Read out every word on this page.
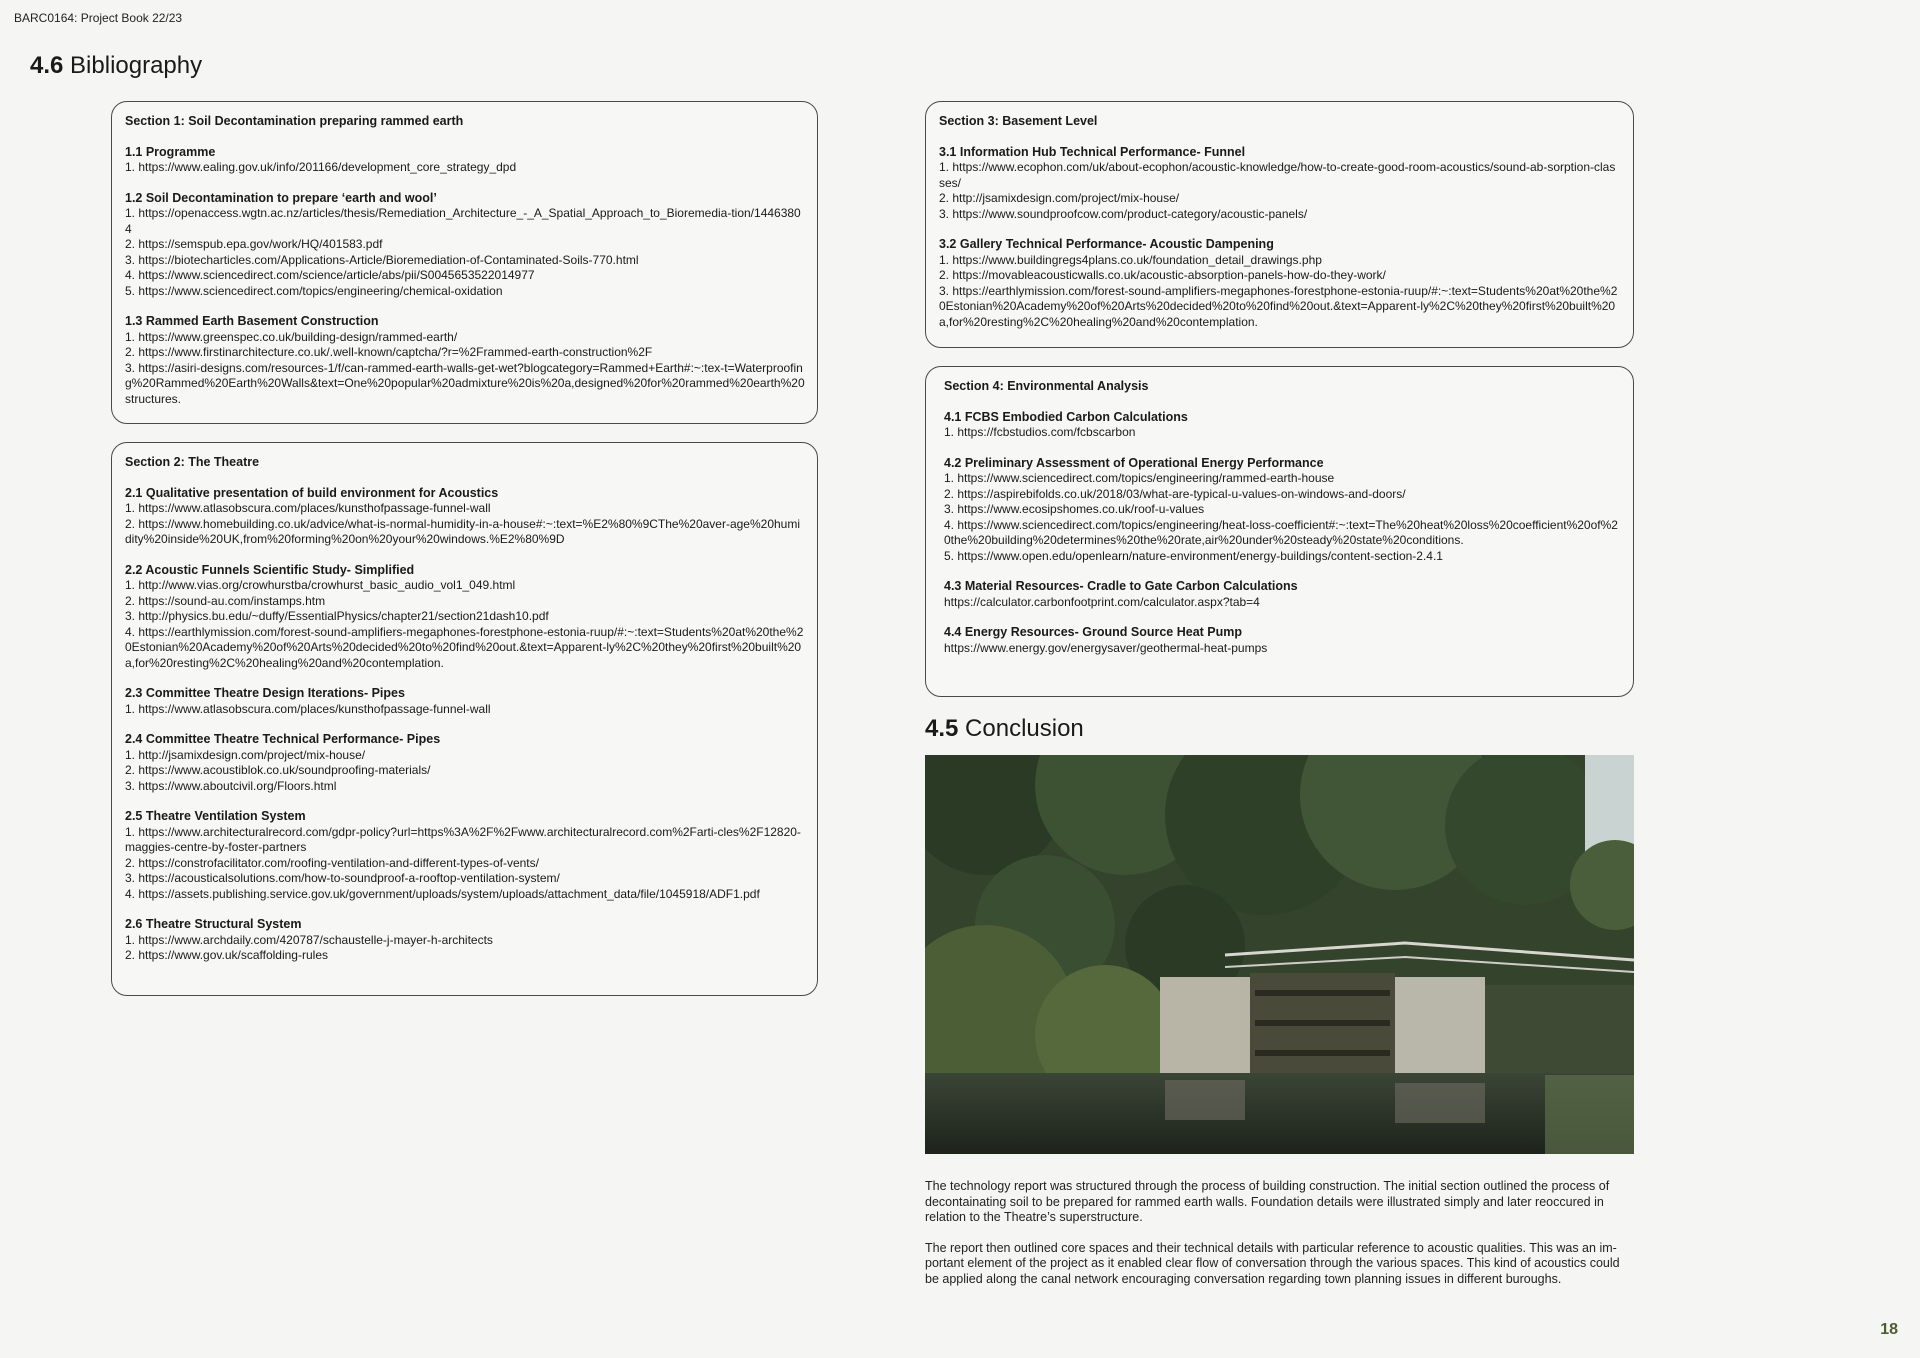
BARC0164: Project Book 22/23
4.6 Bibliography
Section 1: Soil Decontamination preparing rammed earth
1.1 Programme
1. https://www.ealing.gov.uk/info/201166/development_core_strategy_dpd
1.2 Soil Decontamination to prepare ‘earth and wool’
1. https://openaccess.wgtn.ac.nz/articles/thesis/Remediation_Architecture_-_A_Spatial_Approach_to_Bioremedia-tion/14463804
2. https://semspub.epa.gov/work/HQ/401583.pdf
3. https://biotecharticles.com/Applications-Article/Bioremediation-of-Contaminated-Soils-770.html
4. https://www.sciencedirect.com/science/article/abs/pii/S0045653522014977
5. https://www.sciencedirect.com/topics/engineering/chemical-oxidation
1.3 Rammed Earth Basement Construction
1. https://www.greenspec.co.uk/building-design/rammed-earth/
2. https://www.firstinarchitecture.co.uk/.well-known/captcha/?r=%2Frammed-earth-construction%2F
3. https://asiri-designs.com/resources-1/f/can-rammed-earth-walls-get-wet?blogcategory=Rammed+Earth#:~:tex-t=Waterproofing%20Rammed%20Earth%20Walls&text=One%20popular%20admixture%20is%20a,designed%20for%20rammed%20earth%20structures.
Section 2: The Theatre
2.1 Qualitative presentation of build environment for Acoustics
1. https://www.atlasobscura.com/places/kunsthofpassage-funnel-wall
2. https://www.homebuilding.co.uk/advice/what-is-normal-humidity-in-a-house#:~:text=%E2%80%9CThe%20aver-age%20humidity%20inside%20UK,from%20forming%20on%20your%20windows.%E2%80%9D
2.2 Acoustic Funnels Scientific Study- Simplified
1. http://www.vias.org/crowhurstba/crowhurst_basic_audio_vol1_049.html
2. https://sound-au.com/instamps.htm
3. http://physics.bu.edu/~duffy/EssentialPhysics/chapter21/section21dash10.pdf
4. https://earthlymission.com/forest-sound-amplifiers-megaphones-forestphone-estonia-ruup/#:~:text=Students%20at%20the%20Estonian%20Academy%20of%20Arts%20decided%20to%20find%20out.&text=Apparent-ly%2C%20they%20first%20built%20a,for%20resting%2C%20healing%20and%20contemplation.
2.3 Committee Theatre Design Iterations- Pipes
1. https://www.atlasobscura.com/places/kunsthofpassage-funnel-wall
2.4 Committee Theatre Technical Performance- Pipes
1. http://jsamixdesign.com/project/mix-house/
2. https://www.acoustiblok.co.uk/soundproofing-materials/
3. https://www.aboutcivil.org/Floors.html
2.5 Theatre Ventilation System
1. https://www.architecturalrecord.com/gdpr-policy?url=https%3A%2F%2Fwww.architecturalrecord.com%2Farti-cles%2F12820-maggies-centre-by-foster-partners
2. https://constrofacilitator.com/roofing-ventilation-and-different-types-of-vents/
3. https://acousticalsolutions.com/how-to-soundproof-a-rooftop-ventilation-system/
4. https://assets.publishing.service.gov.uk/government/uploads/system/uploads/attachment_data/file/1045918/ADF1.pdf
2.6 Theatre Structural System
1. https://www.archdaily.com/420787/schaustelle-j-mayer-h-architects
2. https://www.gov.uk/scaffolding-rules
Section 3: Basement Level
3.1 Information Hub Technical Performance- Funnel
1. https://www.ecophon.com/uk/about-ecophon/acoustic-knowledge/how-to-create-good-room-acoustics/sound-ab-sorption-classes/
2. http://jsamixdesign.com/project/mix-house/
3. https://www.soundproofcow.com/product-category/acoustic-panels/
3.2 Gallery Technical Performance- Acoustic Dampening
1. https://www.buildingregs4plans.co.uk/foundation_detail_drawings.php
2. https://movableacousticwalls.co.uk/acoustic-absorption-panels-how-do-they-work/
3. https://earthlymission.com/forest-sound-amplifiers-megaphones-forestphone-estonia-ruup/#:~:text=Students%20at%20the%20Estonian%20Academy%20of%20Arts%20decided%20to%20find%20out.&text=Apparent-ly%2C%20they%20first%20built%20a,for%20resting%2C%20healing%20and%20contemplation.
Section 4: Environmental Analysis
4.1 FCBS Embodied Carbon Calculations
1. https://fcbstudios.com/fcbscarbon
4.2 Preliminary Assessment of Operational Energy Performance
1. https://www.sciencedirect.com/topics/engineering/rammed-earth-house
2. https://aspirebifolds.co.uk/2018/03/what-are-typical-u-values-on-windows-and-doors/
3. https://www.ecosipshomes.co.uk/roof-u-values
4. https://www.sciencedirect.com/topics/engineering/heat-loss-coefficient#:~:text=The%20heat%20loss%20coefficient%20of%20the%20building%20determines%20the%20rate,air%20under%20steady%20state%20conditions.
5. https://www.open.edu/openlearn/nature-environment/energy-buildings/content-section-2.4.1
4.3 Material Resources- Cradle to Gate Carbon Calculations
https://calculator.carbonfootprint.com/calculator.aspx?tab=4
4.4 Energy Resources- Ground Source Heat Pump
https://www.energy.gov/energysaver/geothermal-heat-pumps
4.5 Conclusion

The technology report was structured through the process of building construction. The initial section outlined the process of decontainating soil to be prepared for rammed earth walls. Foundation details were illustrated simply and later reoccured in relation to the Theatre’s superstructure.

The report then outlined core spaces and their technical details with particular reference to acoustic qualities. This was an im-portant element of the project as it enabled clear flow of conversation through the various spaces. This kind of acoustics could be applied along the canal network encouraging conversation regarding town planning issues in different buroughs.

18
